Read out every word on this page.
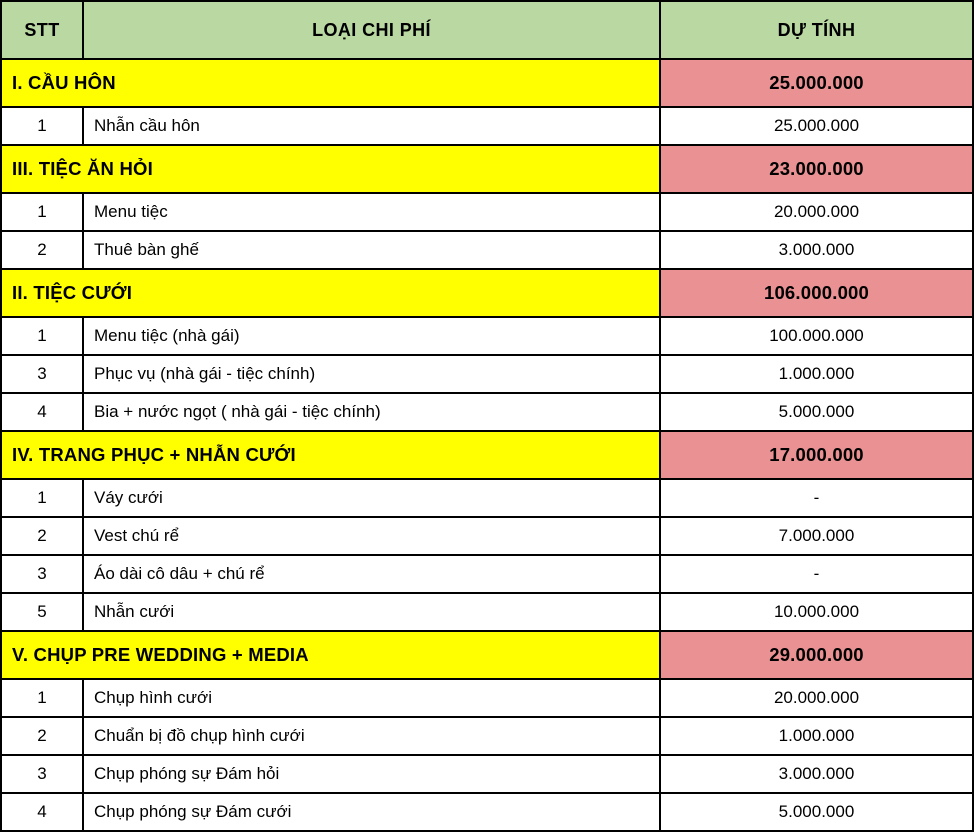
STT	LOẠI CHI PHÍ	DỰ TÍNH
I. CẦU HÔN		25.000.000
1	Nhẫn cầu hôn	25.000.000
III. TIỆC ĂN HỎI		23.000.000
1	Menu tiệc	20.000.000
2	Thuê bàn ghế	3.000.000
II. TIỆC CƯỚI		106.000.000
1	Menu tiệc (nhà gái)	100.000.000
3	Phục vụ (nhà gái - tiệc chính)	1.000.000
4	Bia + nước ngọt ( nhà gái - tiệc chính)	5.000.000
IV. TRANG PHỤC + NHẪN CƯỚI		17.000.000
1	Váy cưới	-
2	Vest chú rể	7.000.000
3	Áo dài cô dâu + chú rể	-
5	Nhẫn cưới	10.000.000
V. CHỤP PRE WEDDING + MEDIA		29.000.000
1	Chụp hình cưới	20.000.000
2	Chuẩn bị đồ chụp hình cưới	1.000.000
3	Chụp phóng sự Đám hỏi	3.000.000
4	Chụp phóng sự Đám cưới	5.000.000
